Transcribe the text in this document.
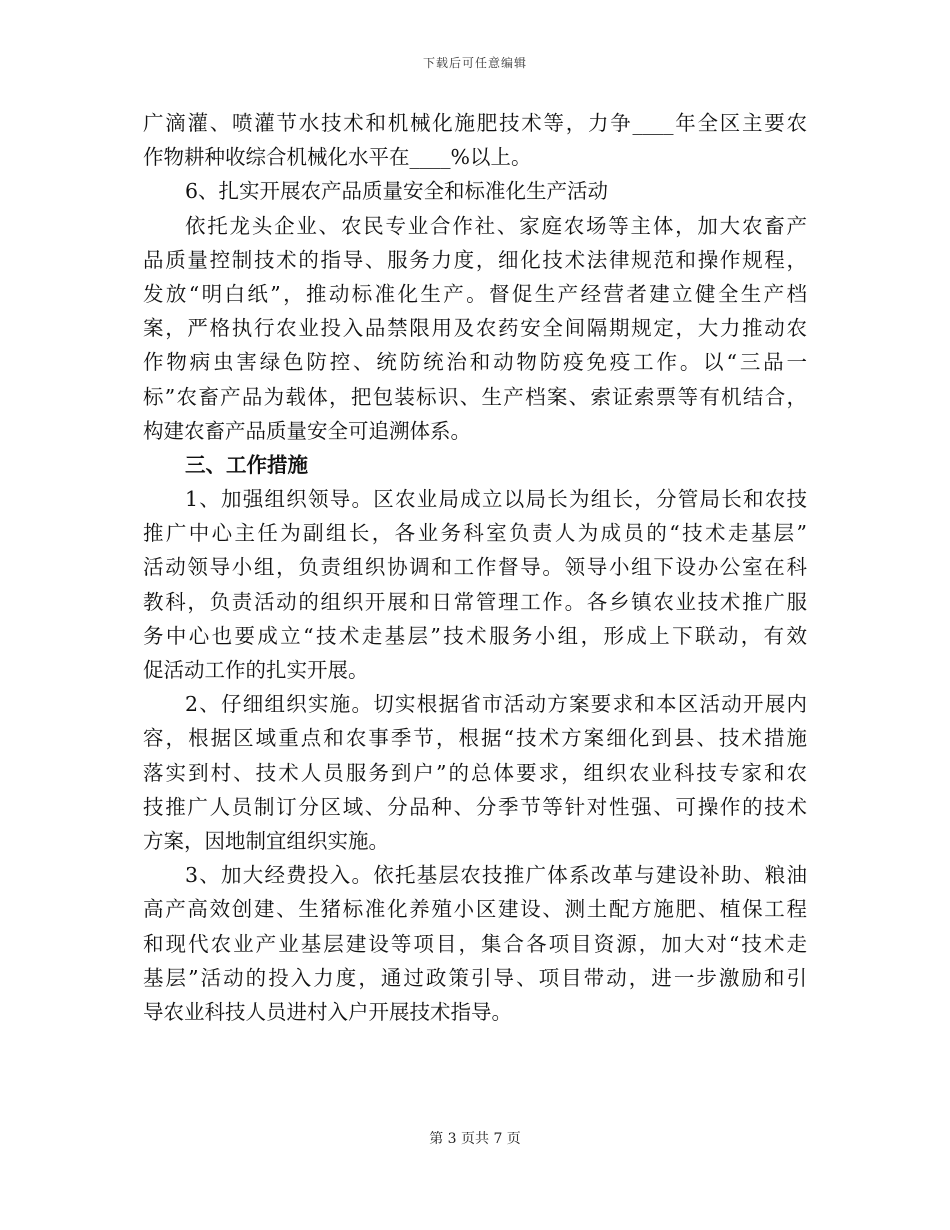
下载后可任意编辑
广滴灌、喷灌节水技术和机械化施肥技术等，力争____年全区主要农
作物耕种收综合机械化水平在____%以上。
6、扎实开展农产品质量安全和标准化生产活动
依托龙头企业、农民专业合作社、家庭农场等主体，加大农畜产
品质量控制技术的指导、服务力度，细化技术法律规范和操作规程，
发放“明白纸”，推动标准化生产。督促生产经营者建立健全生产档
案，严格执行农业投入品禁限用及农药安全间隔期规定，大力推动农
作物病虫害绿色防控、统防统治和动物防疫免疫工作。以“三品一
标”农畜产品为载体，把包装标识、生产档案、索证索票等有机结合，
构建农畜产品质量安全可追溯体系。
三、工作措施
1、加强组织领导。区农业局成立以局长为组长，分管局长和农技
推广中心主任为副组长，各业务科室负责人为成员的“技术走基层”
活动领导小组，负责组织协调和工作督导。领导小组下设办公室在科
教科，负责活动的组织开展和日常管理工作。各乡镇农业技术推广服
务中心也要成立“技术走基层”技术服务小组，形成上下联动，有效
促活动工作的扎实开展。
2、仔细组织实施。切实根据省市活动方案要求和本区活动开展内
容，根据区域重点和农事季节，根据“技术方案细化到县、技术措施
落实到村、技术人员服务到户”的总体要求，组织农业科技专家和农
技推广人员制订分区域、分品种、分季节等针对性强、可操作的技术
方案，因地制宜组织实施。
3、加大经费投入。依托基层农技推广体系改革与建设补助、粮油
高产高效创建、生猪标准化养殖小区建设、测土配方施肥、植保工程
和现代农业产业基层建设等项目，集合各项目资源，加大对“技术走
基层”活动的投入力度，通过政策引导、项目带动，进一步激励和引
导农业科技人员进村入户开展技术指导。
第 3 页共 7 页
